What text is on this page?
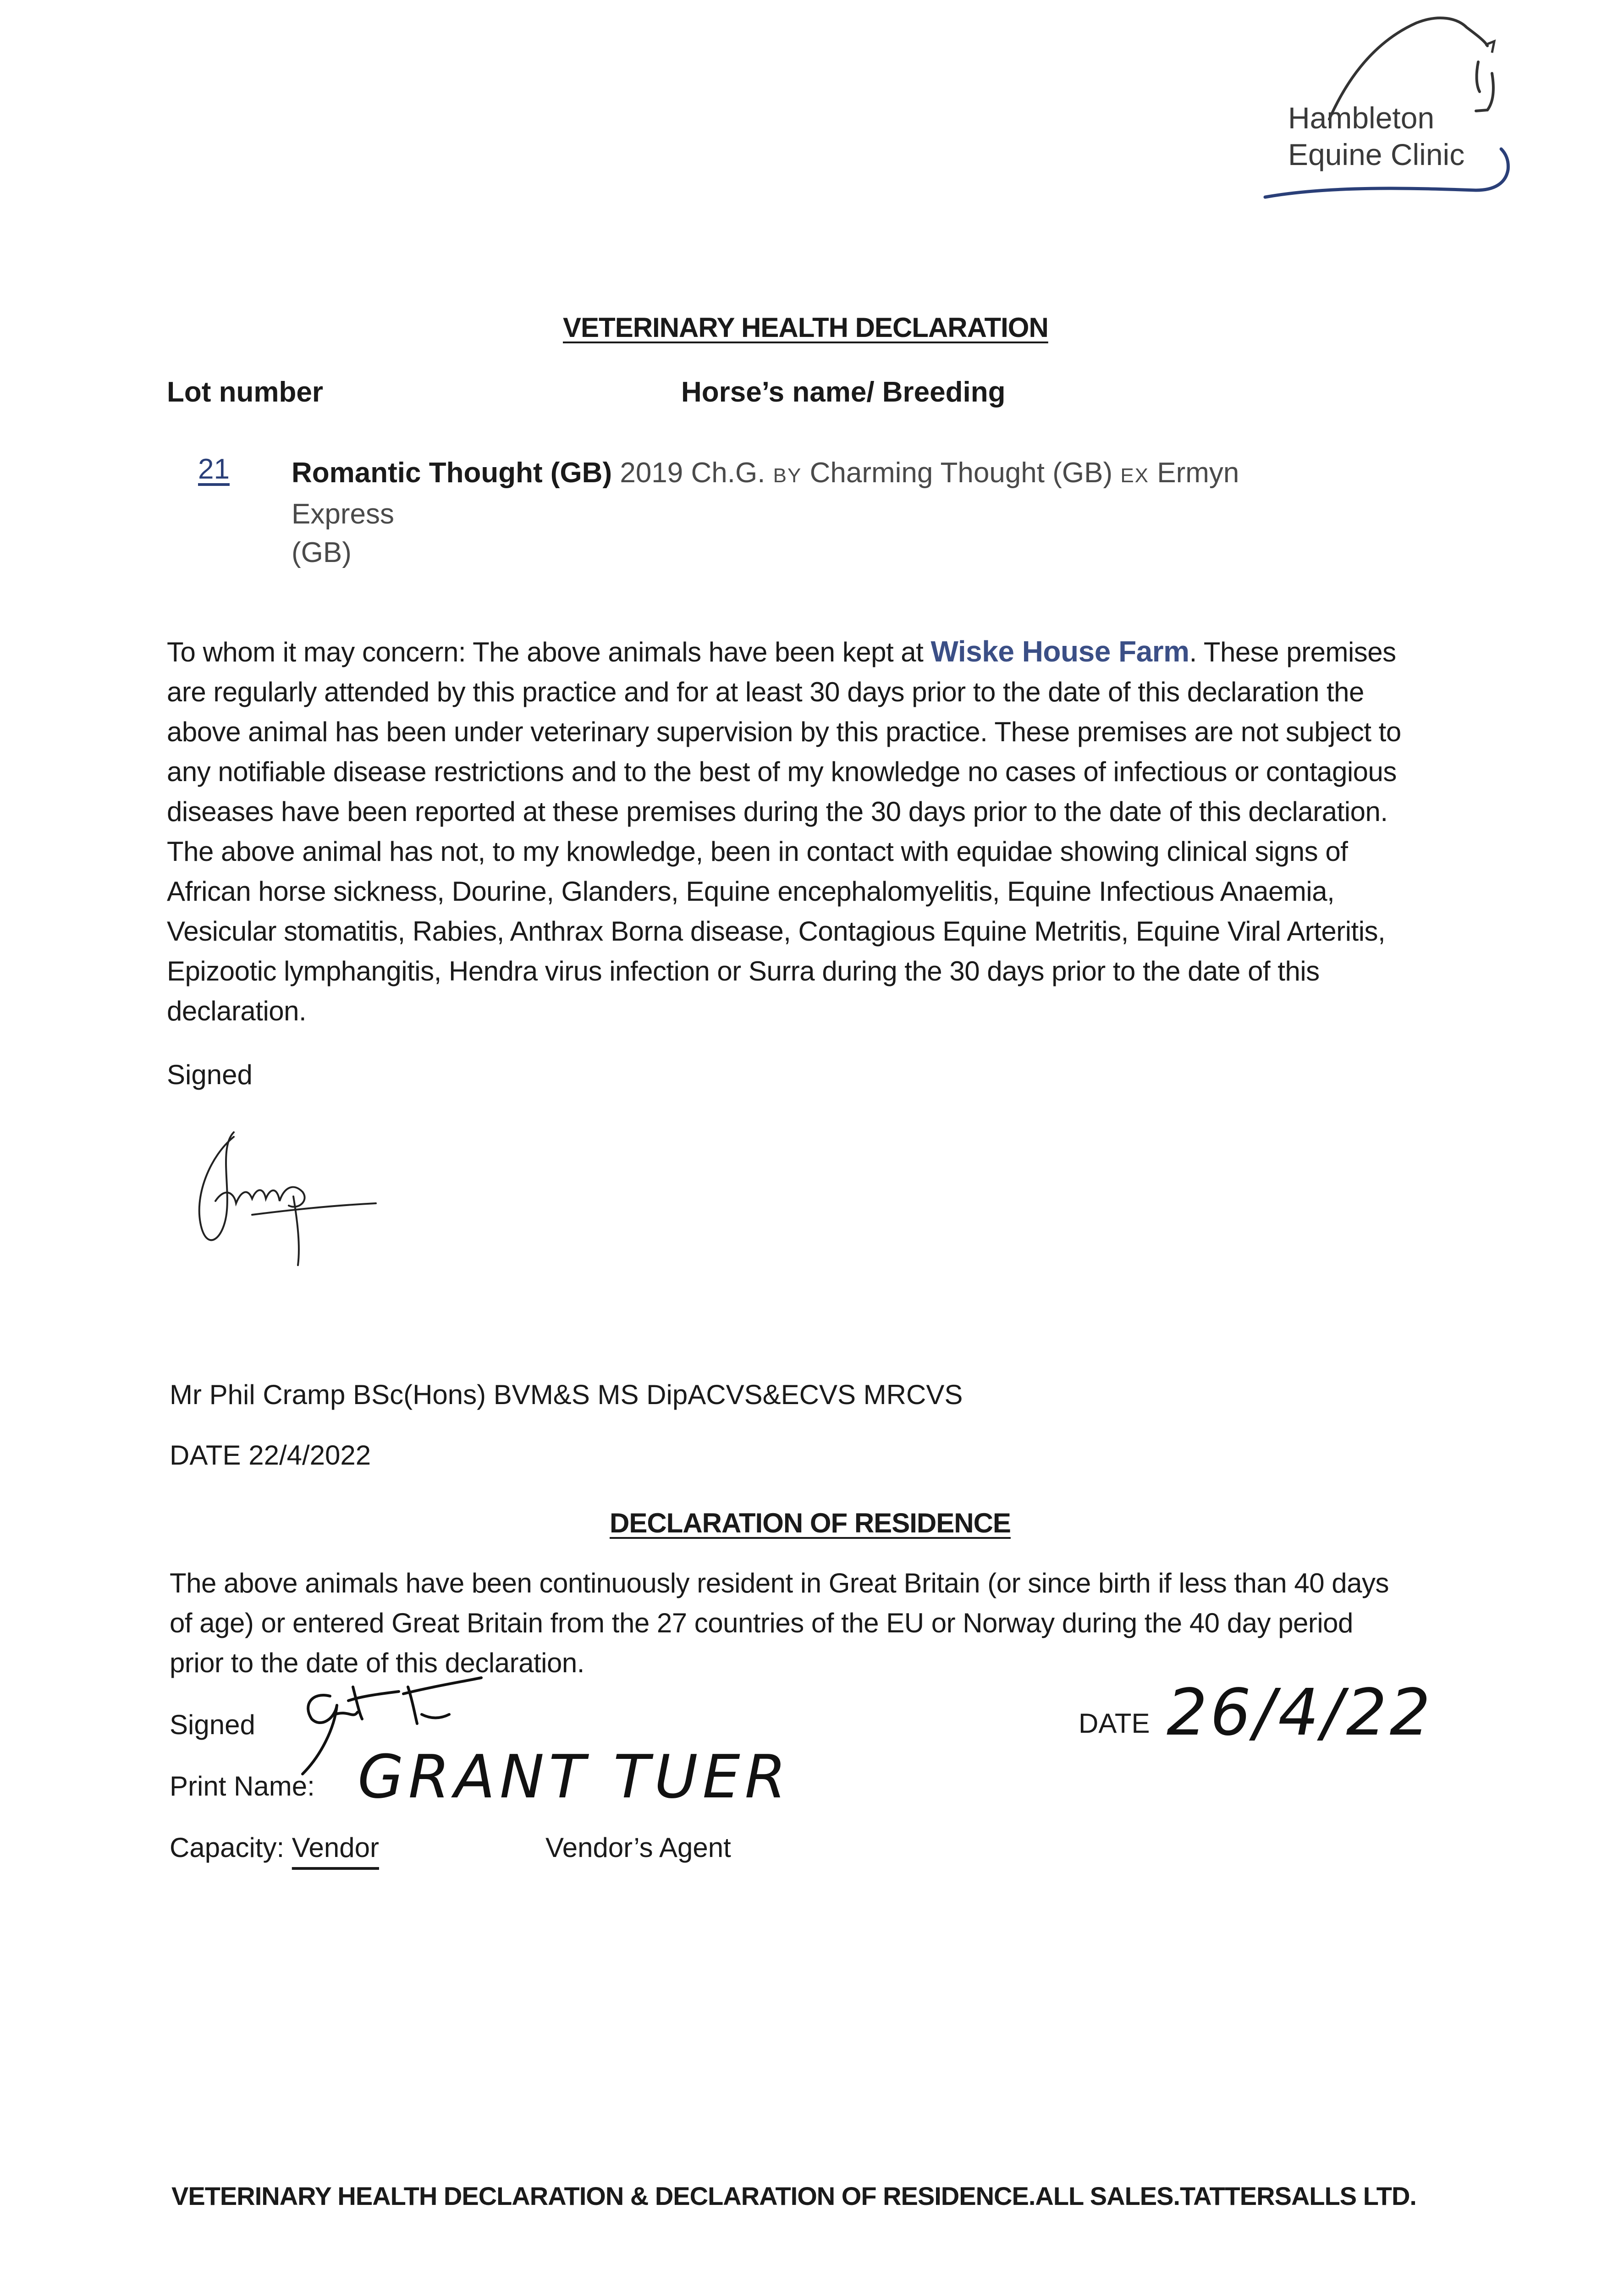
Hambleton
Equine Clinic
VETERINARY HEALTH DECLARATION
Lot number	Horse’s name/ Breeding
21 Romantic Thought (GB) 2019 Ch.G. BY Charming Thought (GB) EX Ermyn Express
(GB)
To whom it may concern: The above animals have been kept at Wiske House Farm. These premises are regularly attended by this practice and for at least 30 days prior to the date of this declaration the above animal has been under veterinary supervision by this practice. These premises are not subject to any notifiable disease restrictions and to the best of my knowledge no cases of infectious or contagious diseases have been reported at these premises during the 30 days prior to the date of this declaration. The above animal has not, to my knowledge, been in contact with equidae showing clinical signs of African horse sickness, Dourine, Glanders, Equine encephalomyelitis, Equine Infectious Anaemia, Vesicular stomatitis, Rabies, Anthrax Borna disease, Contagious Equine Metritis, Equine Viral Arteritis, Epizootic lymphangitis, Hendra virus infection or Surra during the 30 days prior to the date of this declaration.
Signed
Mr Phil Cramp BSc(Hons) BVM&S MS DipACVS&ECVS MRCVS
DATE 22/4/2022
DECLARATION OF RESIDENCE
The above animals have been continuously resident in Great Britain (or since birth if less than 40 days of age) or entered Great Britain from the 27 countries of the EU or Norway during the 40 day period prior to the date of this declaration.
Signed	DATE 26/4/22
Print Name: GRANT TUER
Capacity: Vendor	Vendor’s Agent
VETERINARY HEALTH DECLARATION & DECLARATION OF RESIDENCE.ALL SALES.TATTERSALLS LTD.
